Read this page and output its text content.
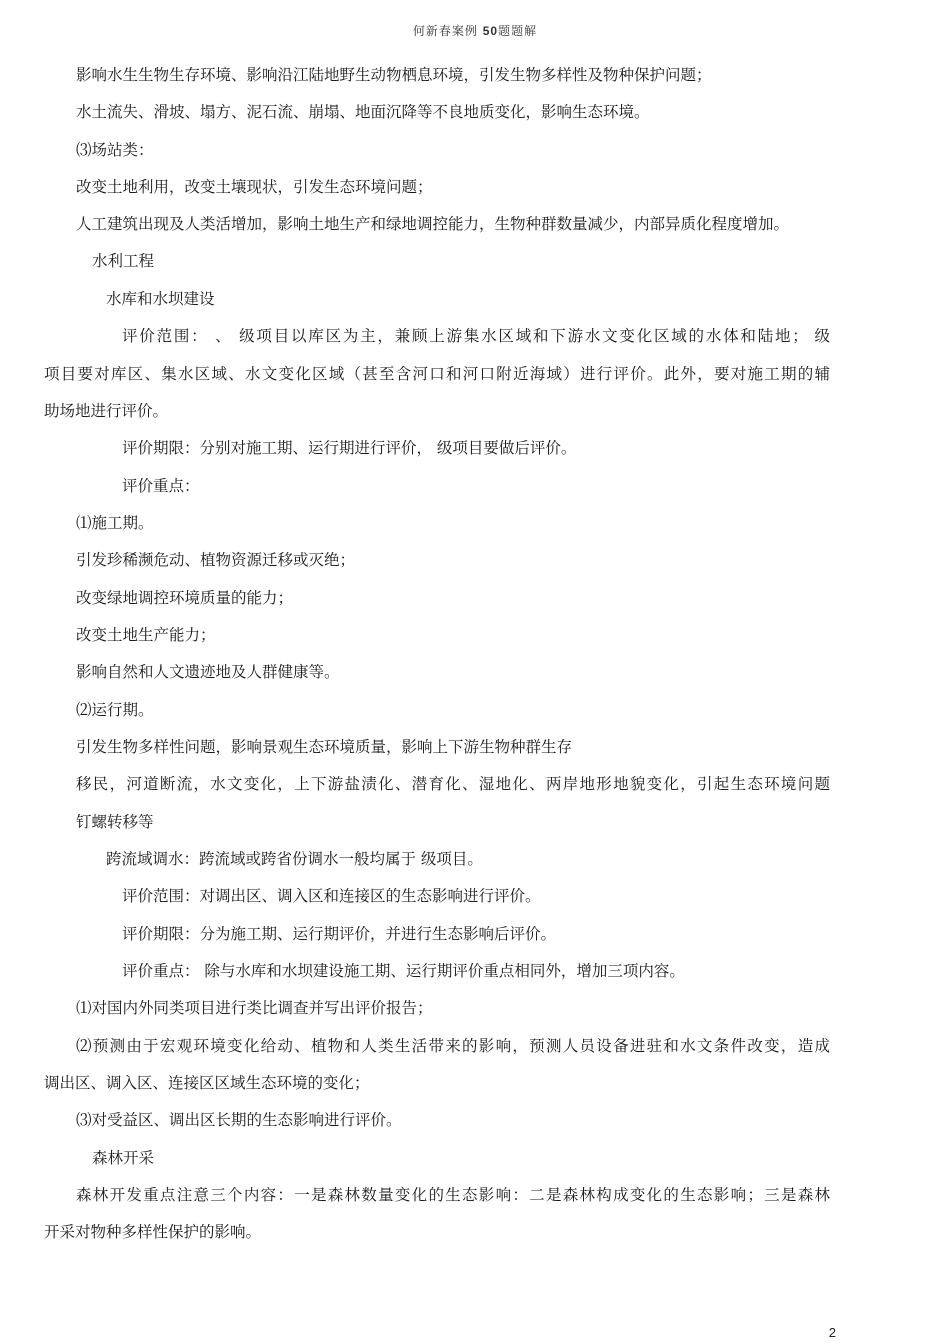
何新春案例 50题题解
影响水生生物生存环境、影响沿江陆地野生动物栖息环境，引发生物多样性及物种保护问题；
水土流失、滑坡、塌方、泥石流、崩塌、地面沉降等不良地质变化，影响生态环境。
⑶场站类：
改变土地利用，改变土壤现状，引发生态环境问题；
人工建筑出现及人类活增加，影响土地生产和绿地调控能力，生物种群数量减少，内部异质化程度增加。
水利工程
水库和水坝建设
评价范围： 、 级项目以库区为主，兼顾上游集水区域和下游水文变化区域的水体和陆地； 级
项目要对库区、集水区域、水文变化区域（甚至含河口和河口附近海域）进行评价。此外，要对施工期的辅
助场地进行评价。
评价期限：分别对施工期、运行期进行评价， 级项目要做后评价。
评价重点：
⑴施工期。
引发珍稀濒危动、植物资源迁移或灭绝；
改变绿地调控环境质量的能力；
改变土地生产能力；
影响自然和人文遗迹地及人群健康等。
⑵运行期。
引发生物多样性问题，影响景观生态环境质量，影响上下游生物种群生存
移民，河道断流，水文变化，上下游盐渍化、潜育化、湿地化、两岸地形地貌变化，引起生态环境问题
钉螺转移等
跨流域调水：跨流域或跨省份调水一般均属于 级项目。
评价范围：对调出区、调入区和连接区的生态影响进行评价。
评价期限：分为施工期、运行期评价，并进行生态影响后评价。
评价重点： 除与水库和水坝建设施工期、运行期评价重点相同外，增加三项内容。
⑴对国内外同类项目进行类比调查并写出评价报告；
⑵预测由于宏观环境变化给动、植物和人类生活带来的影响，预测人员设备进驻和水文条件改变，造成
调出区、调入区、连接区区域生态环境的变化；
⑶对受益区、调出区长期的生态影响进行评价。
森林开采
森林开发重点注意三个内容：一是森林数量变化的生态影响：二是森林构成变化的生态影响；三是森林
开采对物种多样性保护的影响。
2
